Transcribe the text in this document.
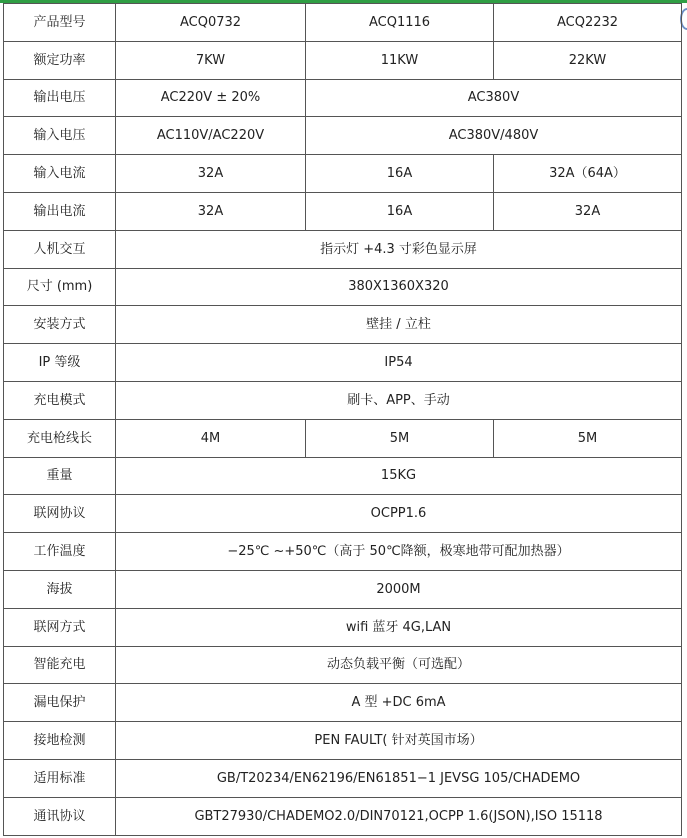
产品型号	ACQ0732	ACQ1116	ACQ2232
额定功率	7KW	11KW	22KW
输出电压	AC220V ± 20%	AC380V	
输入电压	AC110V/AC220V	AC380V/480V	
输入电流	32A	16A	32A（64A）
输出电流	32A	16A	32A
人机交互	指示灯 +4.3 寸彩色显示屏		
尺寸 (mm)	380X1360X320		
安装方式	壁挂 / 立柱		
IP 等级	IP54		
充电模式	刷卡、APP、手动		
充电枪线长	4M	5M	5M
重量	15KG		
联网协议	OCPP1.6		
工作温度	−25℃ ~+50℃（高于 50℃降额，极寒地带可配加热器）		
海拔	2000M		
联网方式	wifi 蓝牙 4G,LAN		
智能充电	动态负载平衡（可选配）		
漏电保护	A 型 +DC 6mA		
接地检测	PEN FAULT( 针对英国市场）		
适用标准	GB/T20234/EN62196/EN61851−1 JEVSG 105/CHADEMO		
通讯协议	GBT27930/CHADEMO2.0/DIN70121,OCPP 1.6(JSON),ISO 15118		
